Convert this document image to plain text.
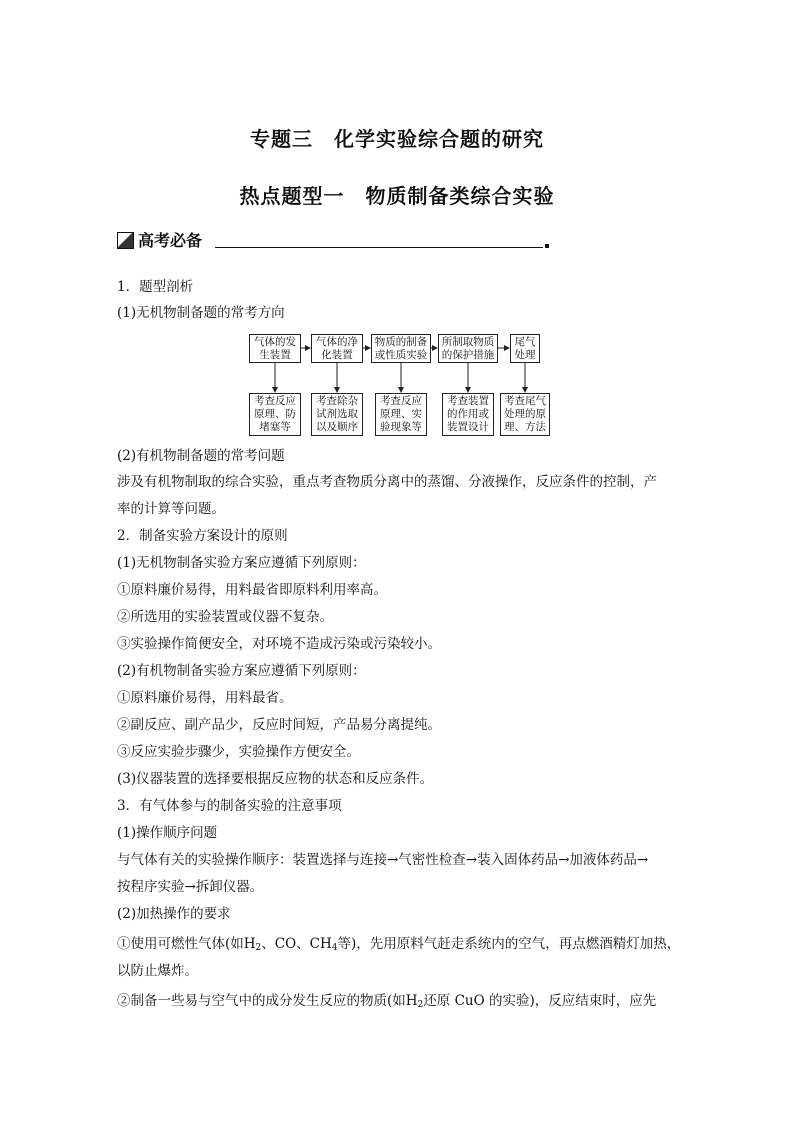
专题三　化学实验综合题的研究
热点题型一　物质制备类综合实验
高考必备
1．题型剖析
(1)无机物制备题的常考方向
气体的发生装置
气体的净化装置
物质的制备或性质实验
所制取物质的保护措施
尾气处理
考查反应原理、防堵塞等
考查除杂试剂选取以及顺序
考查反应原理、实验现象等
考查装置的作用或装置设计
考查尾气处理的原理、方法
(2)有机物制备题的常考问题
涉及有机物制取的综合实验，重点考查物质分离中的蒸馏、分液操作，反应条件的控制，产
率的计算等问题。
2．制备实验方案设计的原则
(1)无机物制备实验方案应遵循下列原则：
①原料廉价易得，用料最省即原料利用率高。
②所选用的实验装置或仪器不复杂。
③实验操作简便安全，对环境不造成污染或污染较小。
(2)有机物制备实验方案应遵循下列原则：
①原料廉价易得，用料最省。
②副反应、副产品少，反应时间短，产品易分离提纯。
③反应实验步骤少，实验操作方便安全。
(3)仪器装置的选择要根据反应物的状态和反应条件。
3．有气体参与的制备实验的注意事项
(1)操作顺序问题
与气体有关的实验操作顺序：装置选择与连接→气密性检查→装入固体药品→加液体药品→
按程序实验→拆卸仪器。
(2)加热操作的要求
①使用可燃性气体(如$H_2$、CO、$CH_4$等)，先用原料气赶走系统内的空气，再点燃酒精灯加热，
以防止爆炸。
②制备一些易与空气中的成分发生反应的物质(如$H_2$还原 CuO 的实验)，反应结束时，应先
